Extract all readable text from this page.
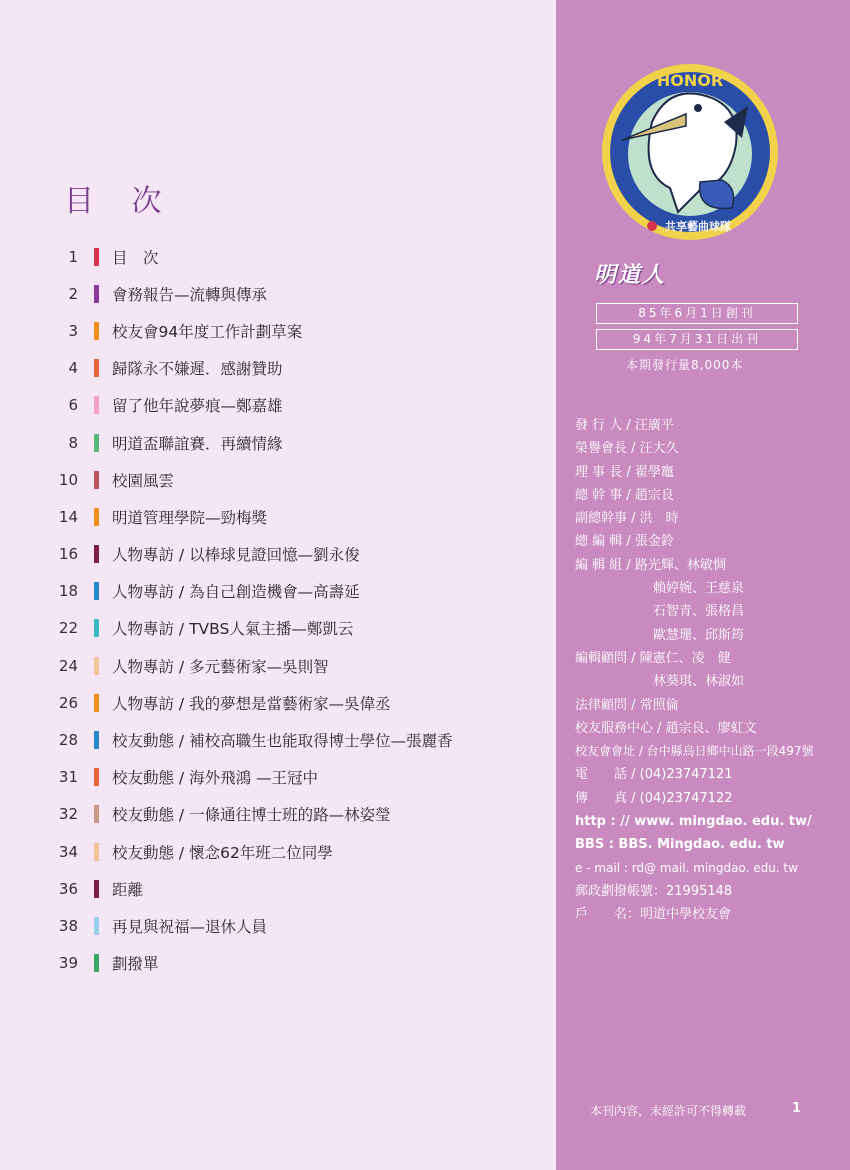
目 次
1 目　次
2 會務報告—流轉與傳承
3 校友會94年度工作計劃草案
4 歸隊永不嫌遲．感謝贊助
6 留了他年說夢痕—鄭嘉雄
8 明道盃聯誼賽．再續情緣
10 校園風雲
14 明道管理學院—勁梅獎
16 人物專訪 / 以棒球見證回憶—劉永俊
18 人物專訪 / 為自己創造機會—高壽延
22 人物專訪 / TVBS人氣主播—鄭凱云
24 人物專訪 / 多元藝術家—吳則智
26 人物專訪 / 我的夢想是當藝術家—吳偉丞
28 校友動態 / 補校高職生也能取得博士學位—張麗香
31 校友動態 / 海外飛鴻 —王冠中
32 校友動態 / 一條通往博士班的路—林姿瑩
34 校友動態 / 懷念62年班二位同學
36 距離
38 再見與祝福—退休人員
39 劃撥單
HONOR
共享藝曲球隊
明道人
85年6月1日創刊
94年7月31日出刊
本期發行量8,000本
發 行 人 / 汪廣平
榮譽會長 / 汪大久
理 事 長 / 翟學竈
總 幹 事 / 趙宗良
副總幹事 / 洪　時
總 編 輯 / 張金鈴
編 輯 組 / 路光輝、林敏惆
賴婷婉、王慈泉
石智青、張格昌
歐慧珊、邱斯筠
編輯顧問 / 陳憲仁、凌　健
林葵琪、林淑如
法律顧問 / 常照倫
校友服務中心 / 趙宗良、廖虹文
校友會會址 / 台中縣烏日鄉中山路一段497號
電　　話 / (04)23747121
傳　　真 / (04)23747122
http : // www. mingdao. edu. tw/
BBS : BBS. Mingdao. edu. tw
e - mail : rd@ mail. mingdao. edu. tw
郵政劃撥帳號：21995148
戶　　名：明道中學校友會
本刊內容，未經許可不得轉載	1
